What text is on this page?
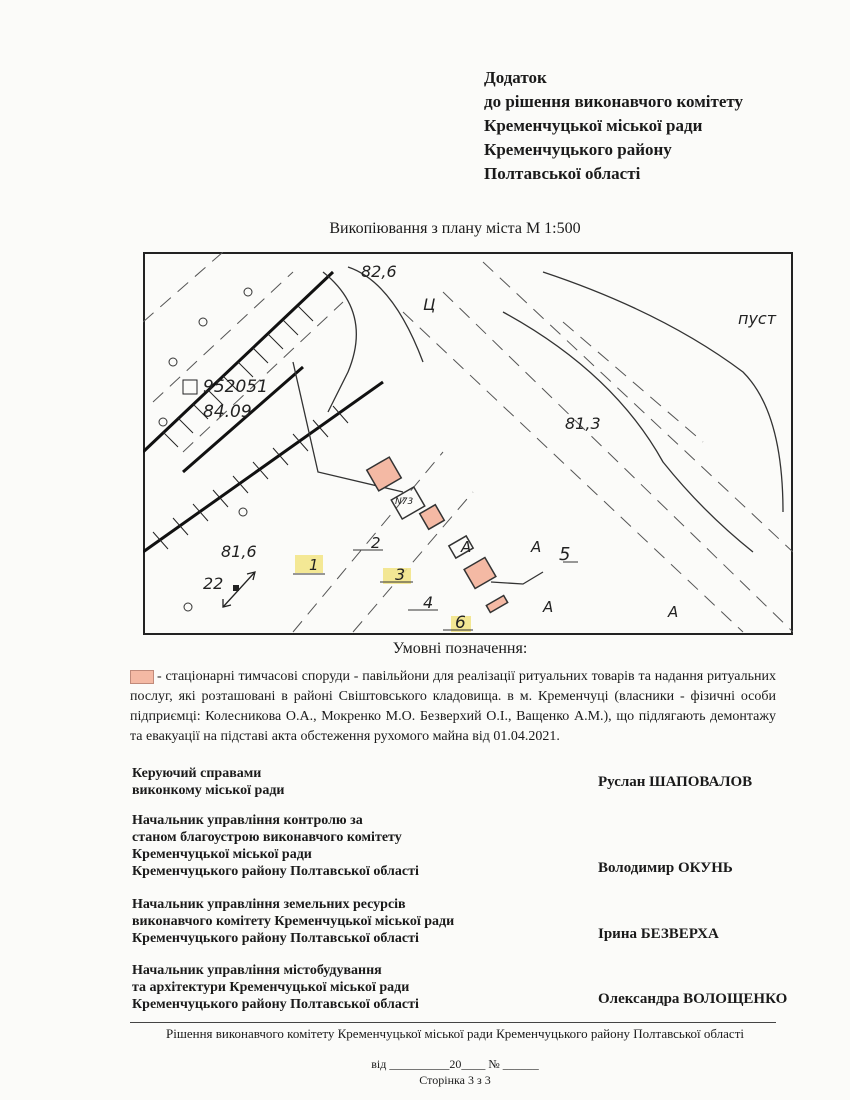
Додаток
до рішення виконавчого комітету
Кременчуцької міської ради
Кременчуцького району
Полтавської області
Викопіювання з плану міста М 1:500
82,6
Ц
пуст
952051
84.09
81,3
81,6
22
N73
А
А	А
А
1
2
3
4
5
6
Умовні позначення:
- стаціонарні тимчасові споруди - павільйони для реалізації ритуальних товарів та надання ритуальних послуг, які розташовані в районі Свіштовського кладовища. в м. Кременчуці (власники - фізичні особи підприємці: Колесникова О.А., Мокренко М.О. Безверхий О.І., Ващенко А.М.), що підлягають демонтажу та евакуації на підставі акта обстеження рухомого майна від 01.04.2021.
Керуючий справами
виконкому міської ради
Руслан ШАПОВАЛОВ
Начальник управління контролю за
станом благоустрою виконавчого комітету
Кременчуцької міської ради
Кременчуцького району Полтавської області	Володимир ОКУНЬ
Начальник управління земельних ресурсів
виконавчого комітету Кременчуцької міської ради
Кременчуцького району Полтавської області	Ірина БЕЗВЕРХА
Начальник управління містобудування
та архітектури Кременчуцької міської ради
Кременчуцького району Полтавської області	Олександра ВОЛОЩЕНКО
Рішення виконавчого комітету Кременчуцької міської ради Кременчуцького району Полтавської області
від __________20____ № ______
Сторінка 3 з 3
